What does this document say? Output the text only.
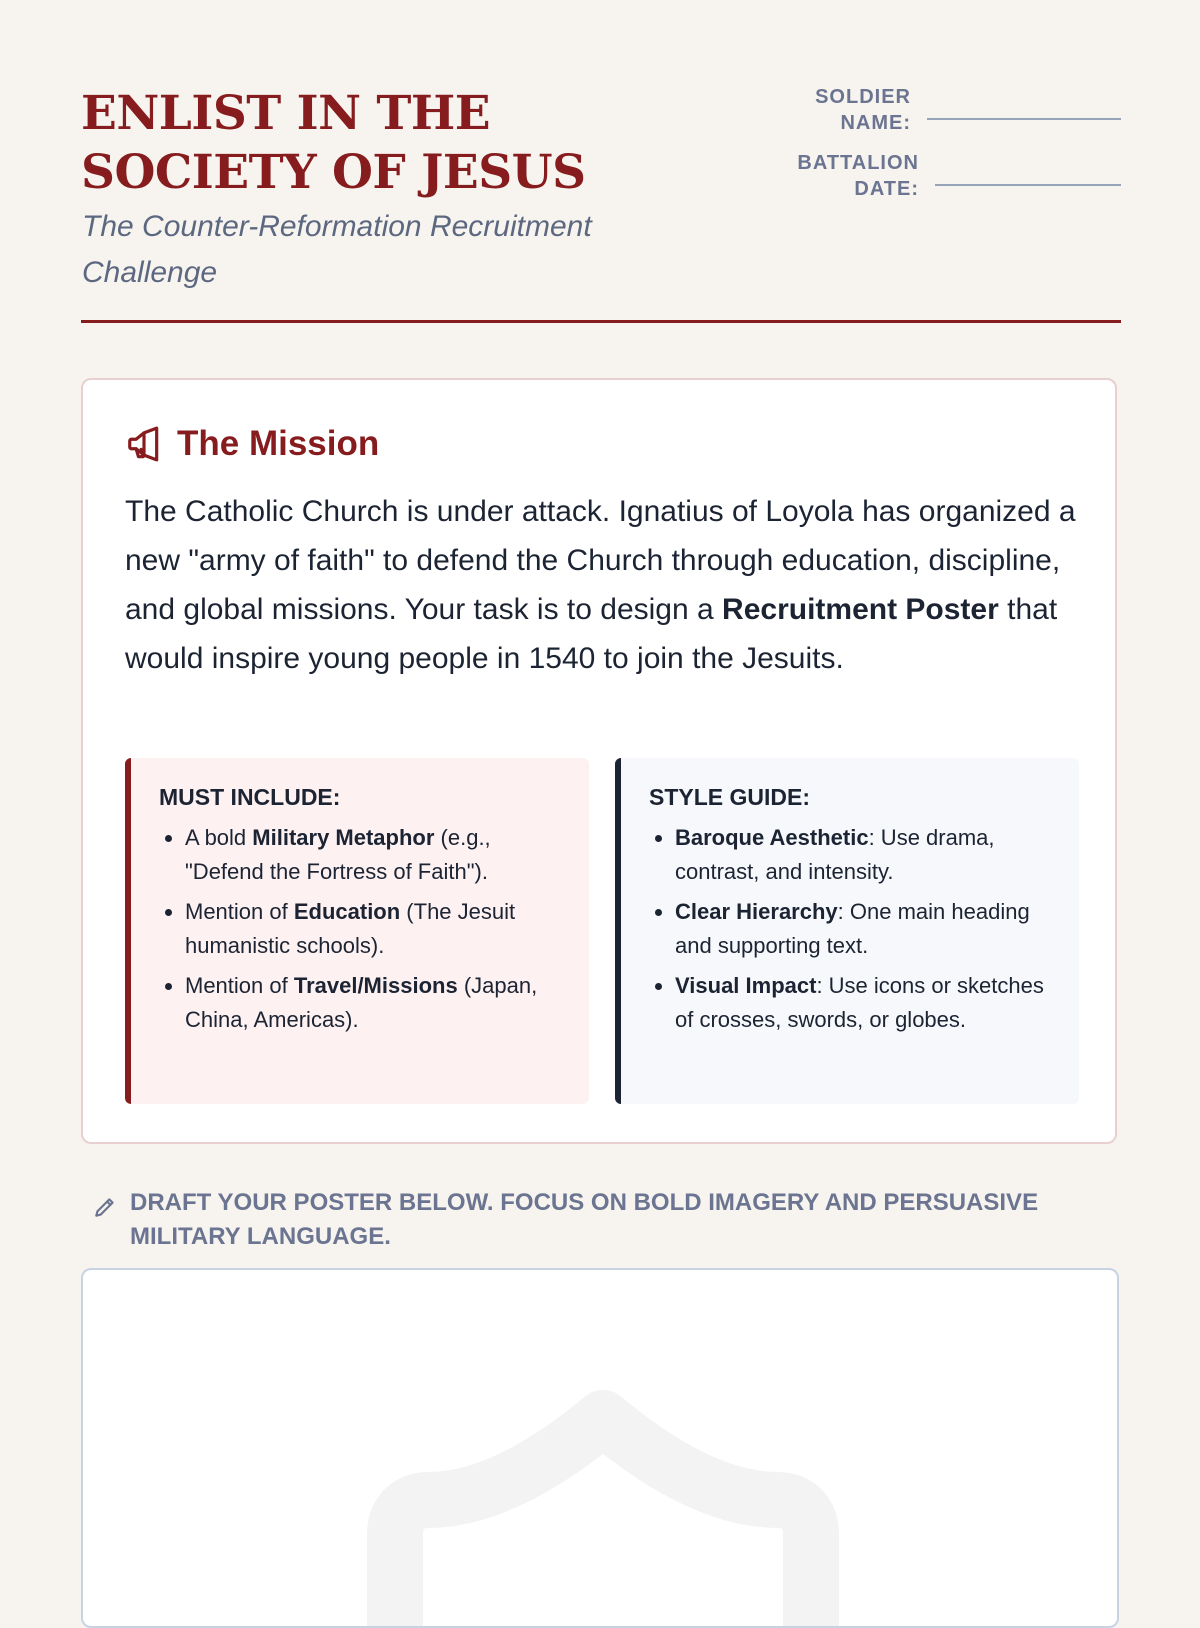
ENLIST IN THE SOCIETY OF JESUS

The Counter-Reformation Recruitment Challenge

SOLDIER NAME:
BATTALION DATE:
The Mission

The Catholic Church is under attack. Ignatius of Loyola has organized a new "army of faith" to defend the Church through education, discipline, and global missions. Your task is to design a Recruitment Poster that would inspire young people in 1540 to join the Jesuits.

MUST INCLUDE:
• A bold Military Metaphor (e.g., "Defend the Fortress of Faith").
• Mention of Education (The Jesuit humanistic schools).
• Mention of Travel/Missions (Japan, China, Americas).
STYLE GUIDE:
• Baroque Aesthetic: Use drama, contrast, and intensity.
• Clear Hierarchy: One main heading and supporting text.
• Visual Impact: Use icons or sketches of crosses, swords, or globes.
DRAFT YOUR POSTER BELOW. FOCUS ON BOLD IMAGERY AND PERSUASIVE MILITARY LANGUAGE.
